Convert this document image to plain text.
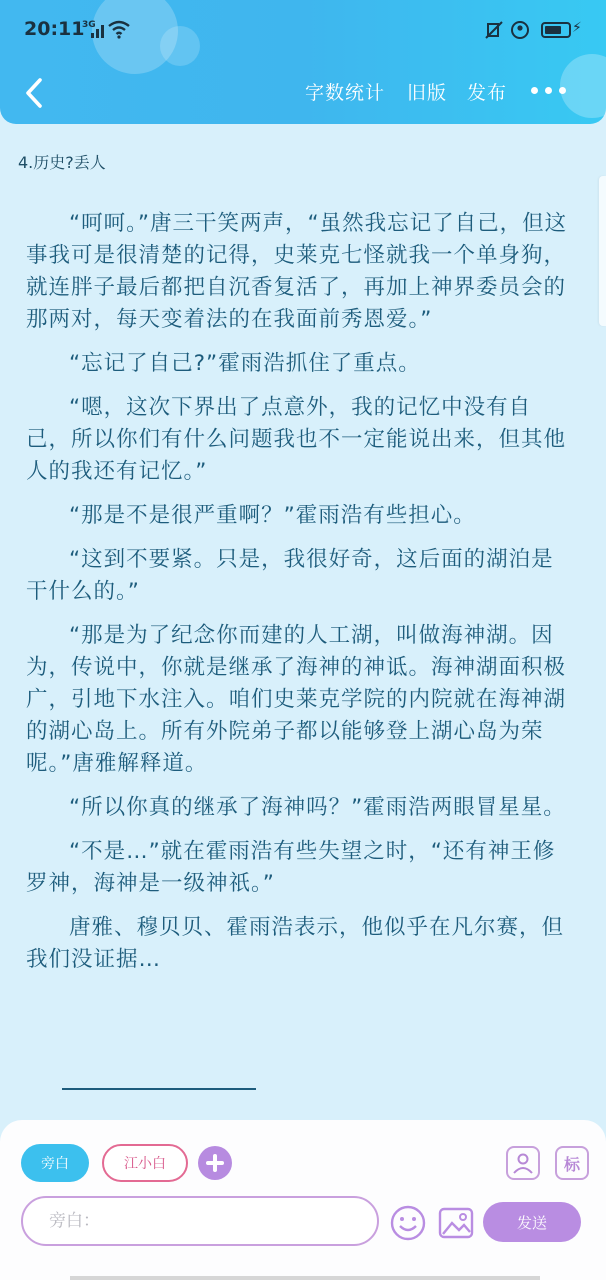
20:11
3G	⚡
字数统计 旧版 发布
4.历史?丢人

“呵呵。”唐三干笑两声，“虽然我忘记了自己，但这事我可是很清楚的记得，史莱克七怪就我一个单身狗，就连胖子最后都把自沉香复活了，再加上神界委员会的那两对，每天变着法的在我面前秀恩爱。”

“忘记了自己?”霍雨浩抓住了重点。

“嗯，这次下界出了点意外，我的记忆中没有自己，所以你们有什么问题我也不一定能说出来，但其他人的我还有记忆。”

“那是不是很严重啊？”霍雨浩有些担心。

“这到不要紧。只是，我很好奇，这后面的湖泊是干什么的。”

“那是为了纪念你而建的人工湖，叫做海神湖。因为，传说中，你就是继承了海神的神诋。海神湖面积极广，引地下水注入。咱们史莱克学院的内院就在海神湖的湖心岛上。所有外院弟子都以能够登上湖心岛为荣呢。”唐雅解释道。

“所以你真的继承了海神吗？”霍雨浩两眼冒星星。

“不是…”就在霍雨浩有些失望之时，“还有神王修罗神，海神是一级神祇。”

唐雅、穆贝贝、霍雨浩表示，他似乎在凡尔赛，但我们没证据…

旁白	江小白	标
旁白：
发送
